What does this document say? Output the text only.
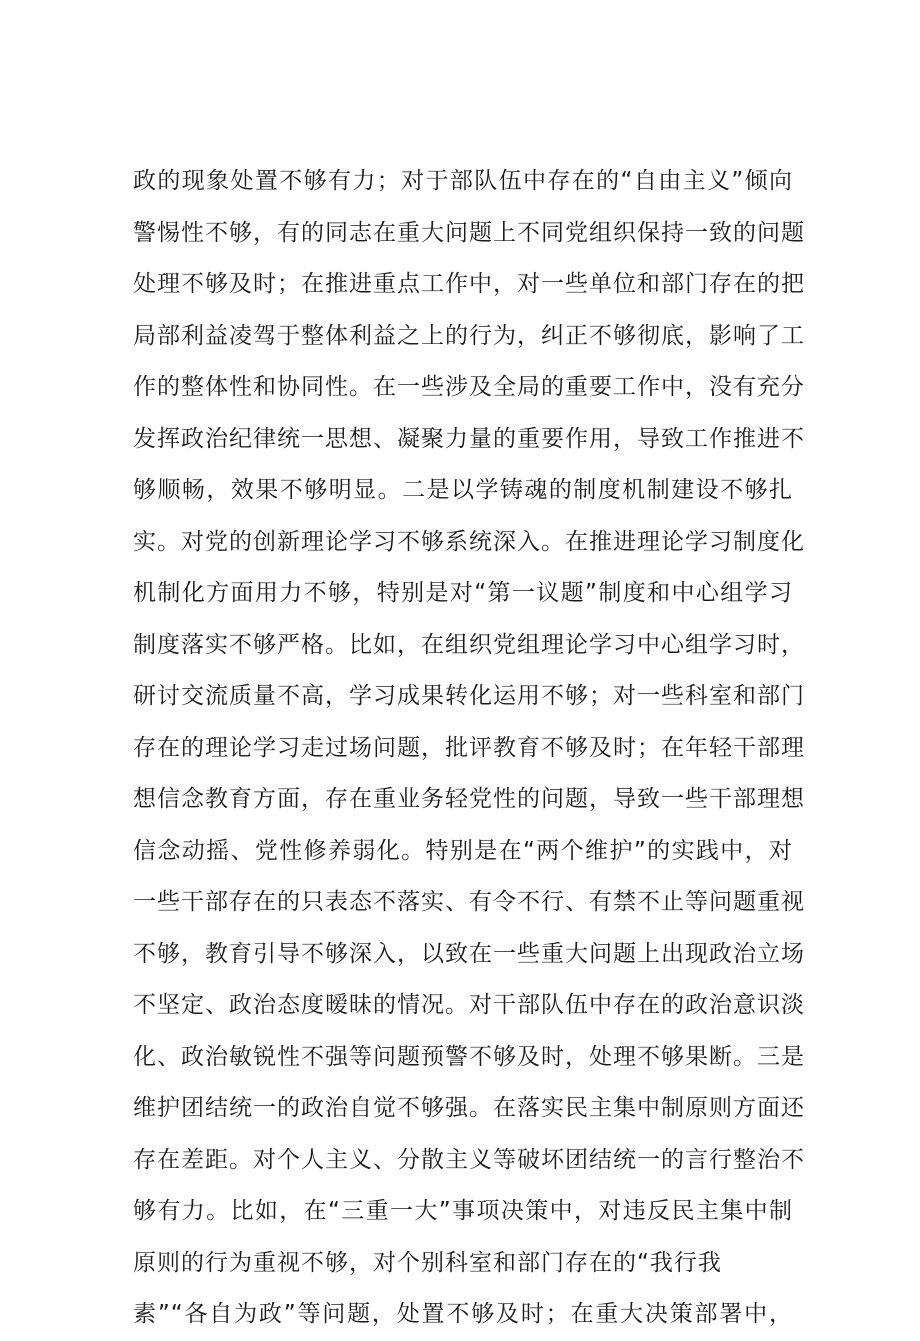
政的现象处置不够有力；对于部队伍中存在的“自由主义”倾向
警惕性不够，有的同志在重大问题上不同党组织保持一致的问题
处理不够及时；在推进重点工作中，对一些单位和部门存在的把
局部利益凌驾于整体利益之上的行为，纠正不够彻底，影响了工
作的整体性和协同性。在一些涉及全局的重要工作中，没有充分
发挥政治纪律统一思想、凝聚力量的重要作用，导致工作推进不
够顺畅，效果不够明显。二是以学铸魂的制度机制建设不够扎
实。对党的创新理论学习不够系统深入。在推进理论学习制度化
机制化方面用力不够，特别是对“第一议题”制度和中心组学习
制度落实不够严格。比如，在组织党组理论学习中心组学习时，
研讨交流质量不高，学习成果转化运用不够；对一些科室和部门
存在的理论学习走过场问题，批评教育不够及时；在年轻干部理
想信念教育方面，存在重业务轻党性的问题，导致一些干部理想
信念动摇、党性修养弱化。特别是在“两个维护”的实践中，对
一些干部存在的只表态不落实、有令不行、有禁不止等问题重视
不够，教育引导不够深入，以致在一些重大问题上出现政治立场
不坚定、政治态度暧昧的情况。对干部队伍中存在的政治意识淡
化、政治敏锐性不强等问题预警不够及时，处理不够果断。三是
维护团结统一的政治自觉不够强。在落实民主集中制原则方面还
存在差距。对个人主义、分散主义等破坏团结统一的言行整治不
够有力。比如，在“三重一大”事项决策中，对违反民主集中制
原则的行为重视不够，对个别科室和部门存在的“我行我
素”“各自为政”等问题，处置不够及时；在重大决策部署中，
